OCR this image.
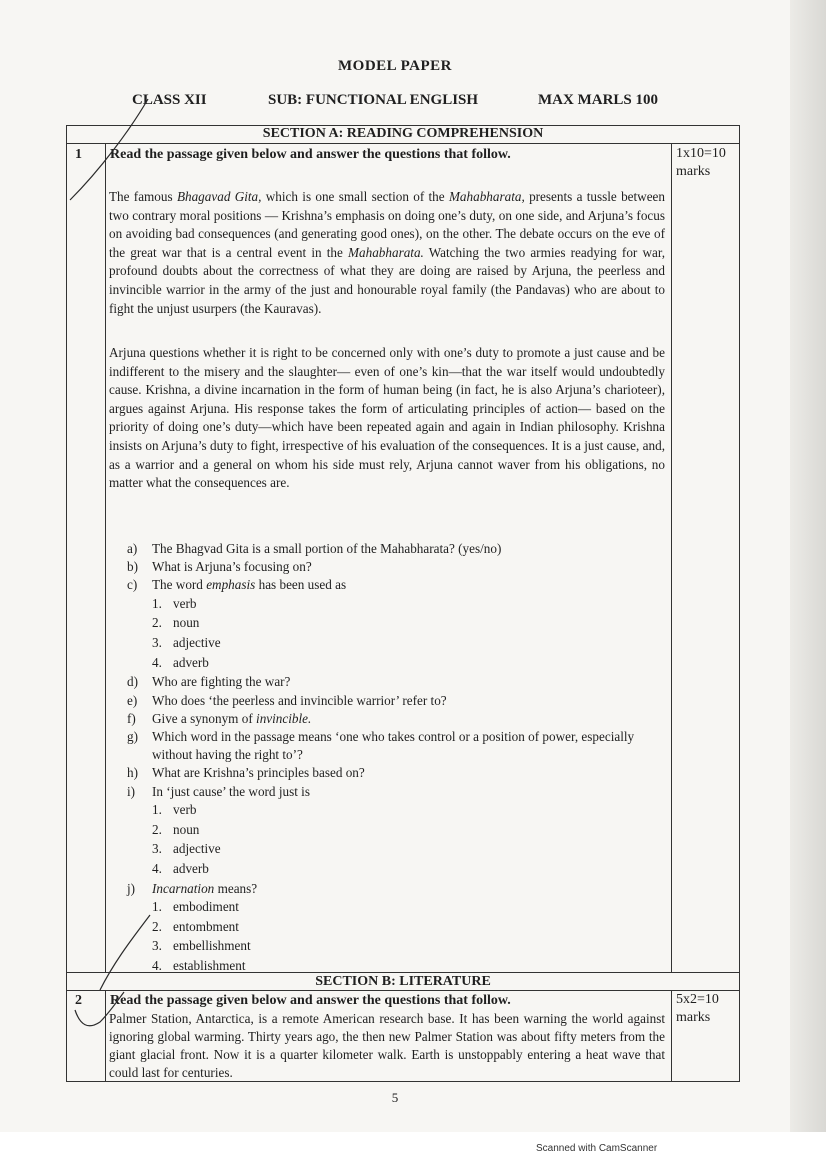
MODEL PAPER
CLASS XII	SUB: FUNCTIONAL ENGLISH	MAX MARLS 100
SECTION A: READING COMPREHENSION
1 Read the passage given below and answer the questions that follow.	1x10=10 marks

The famous Bhagavad Gita, which is one small section of the Mahabharata, presents a tussle between two contrary moral positions — Krishna’s emphasis on doing one’s duty, on one side, and Arjuna’s focus on avoiding bad consequences (and generating good ones), on the other. The debate occurs on the eve of the great war that is a central event in the Mahabharata. Watching the two armies readying for war, profound doubts about the correctness of what they are doing are raised by Arjuna, the peerless and invincible warrior in the army of the just and honourable royal family (the Pandavas) who are about to fight the unjust usurpers (the Kauravas).

Arjuna questions whether it is right to be concerned only with one’s duty to promote a just cause and be indifferent to the misery and the slaughter— even of one’s kin—that the war itself would undoubtedly cause. Krishna, a divine incarnation in the form of human being (in fact, he is also Arjuna’s charioteer), argues against Arjuna. His response takes the form of articulating principles of action— based on the priority of doing one’s duty—which have been repeated again and again in Indian philosophy. Krishna insists on Arjuna’s duty to fight, irrespective of his evaluation of the consequences. It is a just cause, and, as a warrior and a general on whom his side must rely, Arjuna cannot waver from his obligations, no matter what the consequences are.

a) The Bhagvad Gita is a small portion of the Mahabharata? (yes/no)
b) What is Arjuna’s focusing on?
c) The word emphasis has been used as
1. verb
2. noun
3. adjective
4. adverb
d) Who are fighting the war?
e) Who does ‘the peerless and invincible warrior’ refer to?
f) Give a synonym of invincible.
g) Which word in the passage means ‘one who takes control or a position of power, especially without having the right to’?
h) What are Krishna’s principles based on?
i) In ‘just cause’ the word just is
1. verb
2. noun
3. adjective
4. adverb
j) Incarnation means?
1. embodiment
2. entombment
3. embellishment
4. establishment
SECTION B: LITERATURE
2 Read the passage given below and answer the questions that follow.	5x2=10 marks

Palmer Station, Antarctica, is a remote American research base. It has been warning the world against ignoring global warming. Thirty years ago, the then new Palmer Station was about fifty meters from the giant glacial front. Now it is a quarter kilometer walk. Earth is unstoppably entering a heat wave that could last for centuries.

5
Scanned with CamScanner
